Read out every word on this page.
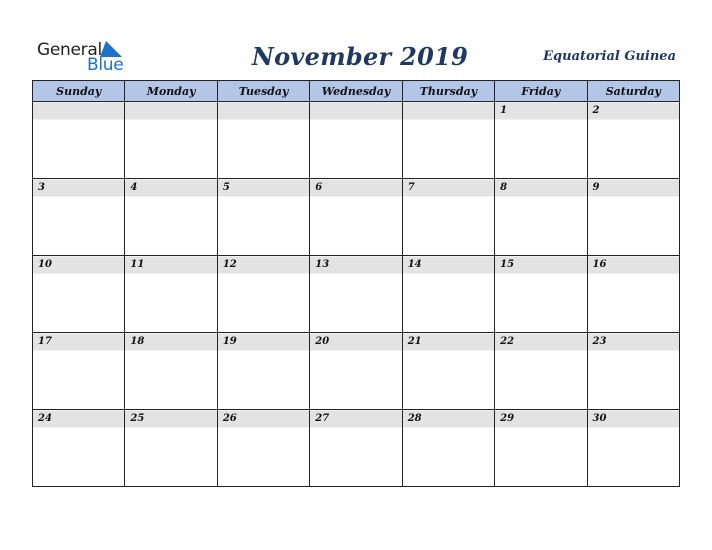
General
Blue	November 2019	Equatorial Guinea
Sunday	Monday	Tuesday	Wednesday	Thursday	Friday	Saturday

					1	2

3	4	5	6	7	8	9

10	11	12	13	14	15	16

17	18	19	20	21	22	23

24	25	26	27	28	29	30
